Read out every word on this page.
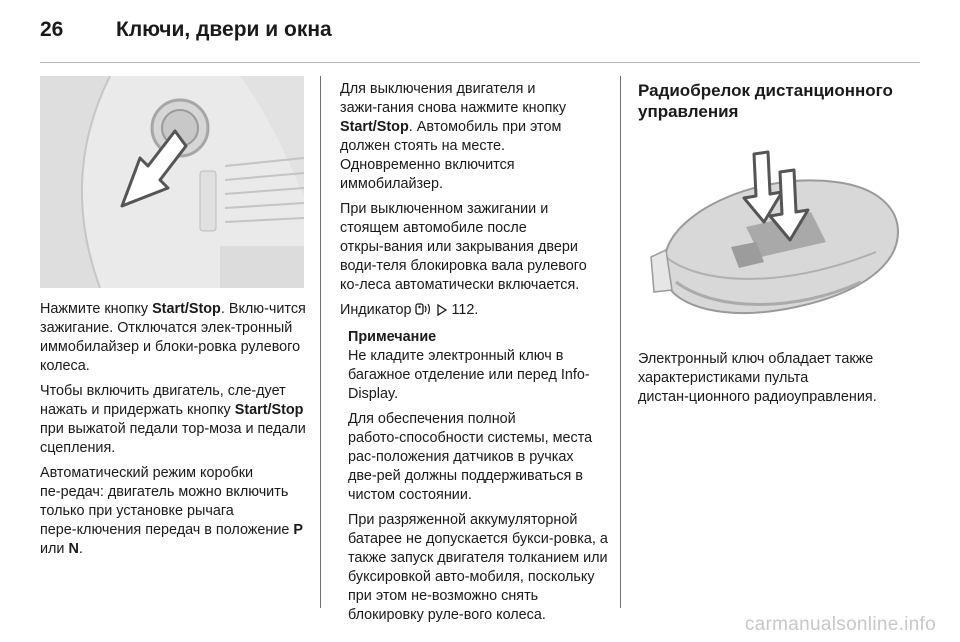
26	Ключи, двери и окна

Нажмите кнопку Start/Stop. Вклю‑чится зажигание. Отключатся элек‑тронный иммобилайзер и блоки‑ровка рулевого колеса.

Чтобы включить двигатель, сле‑дует нажать и придержать кнопку Start/Stop при выжатой педали тор‑моза и педали сцепления.

Автоматический режим коробки пе‑редач: двигатель можно включить только при установке рычага пере‑ключения передач в положение P или N.

Для выключения двигателя и зажи‑гания снова нажмите кнопку Start/Stop. Автомобиль при этом должен стоять на месте. Одновременно включится иммобилайзер.

При выключенном зажигании и стоящем автомобиле после откры‑вания или закрывания двери води‑теля блокировка вала рулевого ко‑леса автоматически включается.

Индикатор	112.

Примечание

Не кладите электронный ключ в багажное отделение или перед Info-Display.

Для обеспечения полной работо‑способности системы, места рас‑положения датчиков в ручках две‑рей должны поддерживаться в чистом состоянии.

При разряженной аккумуляторной батарее не допускается букси‑ровка, а также запуск двигателя толканием или буксировкой авто‑мобиля, поскольку при этом не‑возможно снять блокировку руле‑вого колеса.

Радиобрелок дистанционного управления

Электронный ключ обладает также характеристиками пульта дистан‑ционного радиоуправления.

carmanualsonline.info
